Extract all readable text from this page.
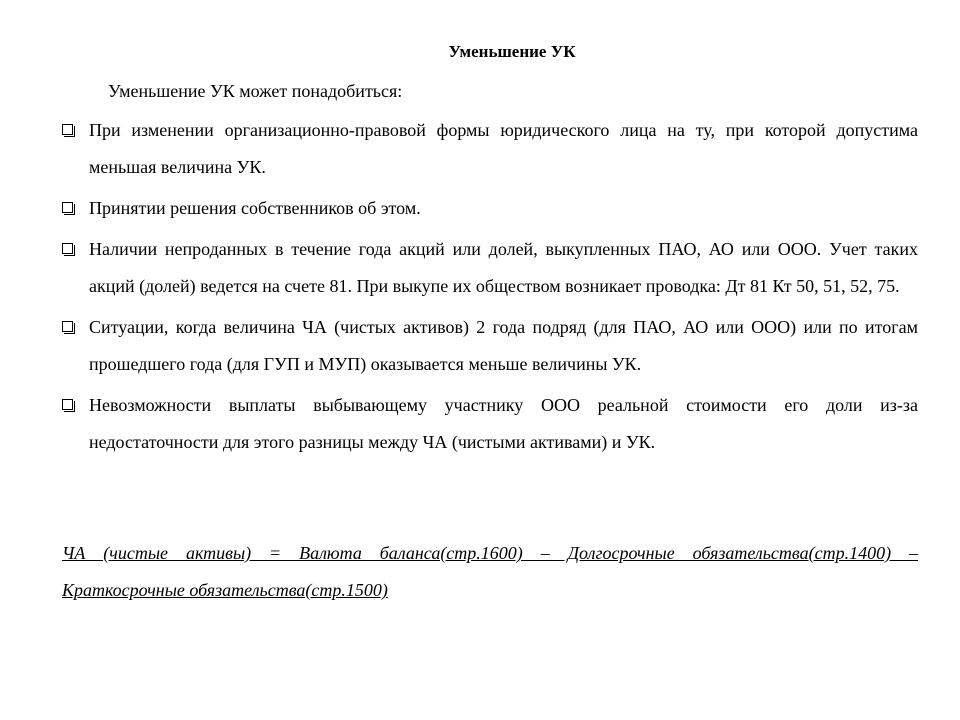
Уменьшение УК
Уменьшение УК может понадобиться:
При изменении организационно-правовой формы юридического лица на ту, при которой допустима меньшая величина УК.
Принятии решения собственников об этом.
Наличии непроданных в течение года акций или долей, выкупленных ПАО, АО или ООО. Учет таких акций (долей) ведется на счете 81. При выкупе их обществом возникает проводка: Дт 81 Кт 50, 51, 52, 75.
Ситуации, когда величина ЧА (чистых активов) 2 года подряд (для ПАО, АО или ООО) или по итогам прошедшего года (для ГУП и МУП) оказывается меньше величины УК.
Невозможности выплаты выбывающему участнику ООО реальной стоимости его доли из-за недостаточности для этого разницы между ЧА (чистыми активами) и УК.
ЧА (чистые активы) = Валюта баланса(стр.1600) – Долгосрочные обязательства(стр.1400) – Краткосрочные обязательства(стр.1500)
